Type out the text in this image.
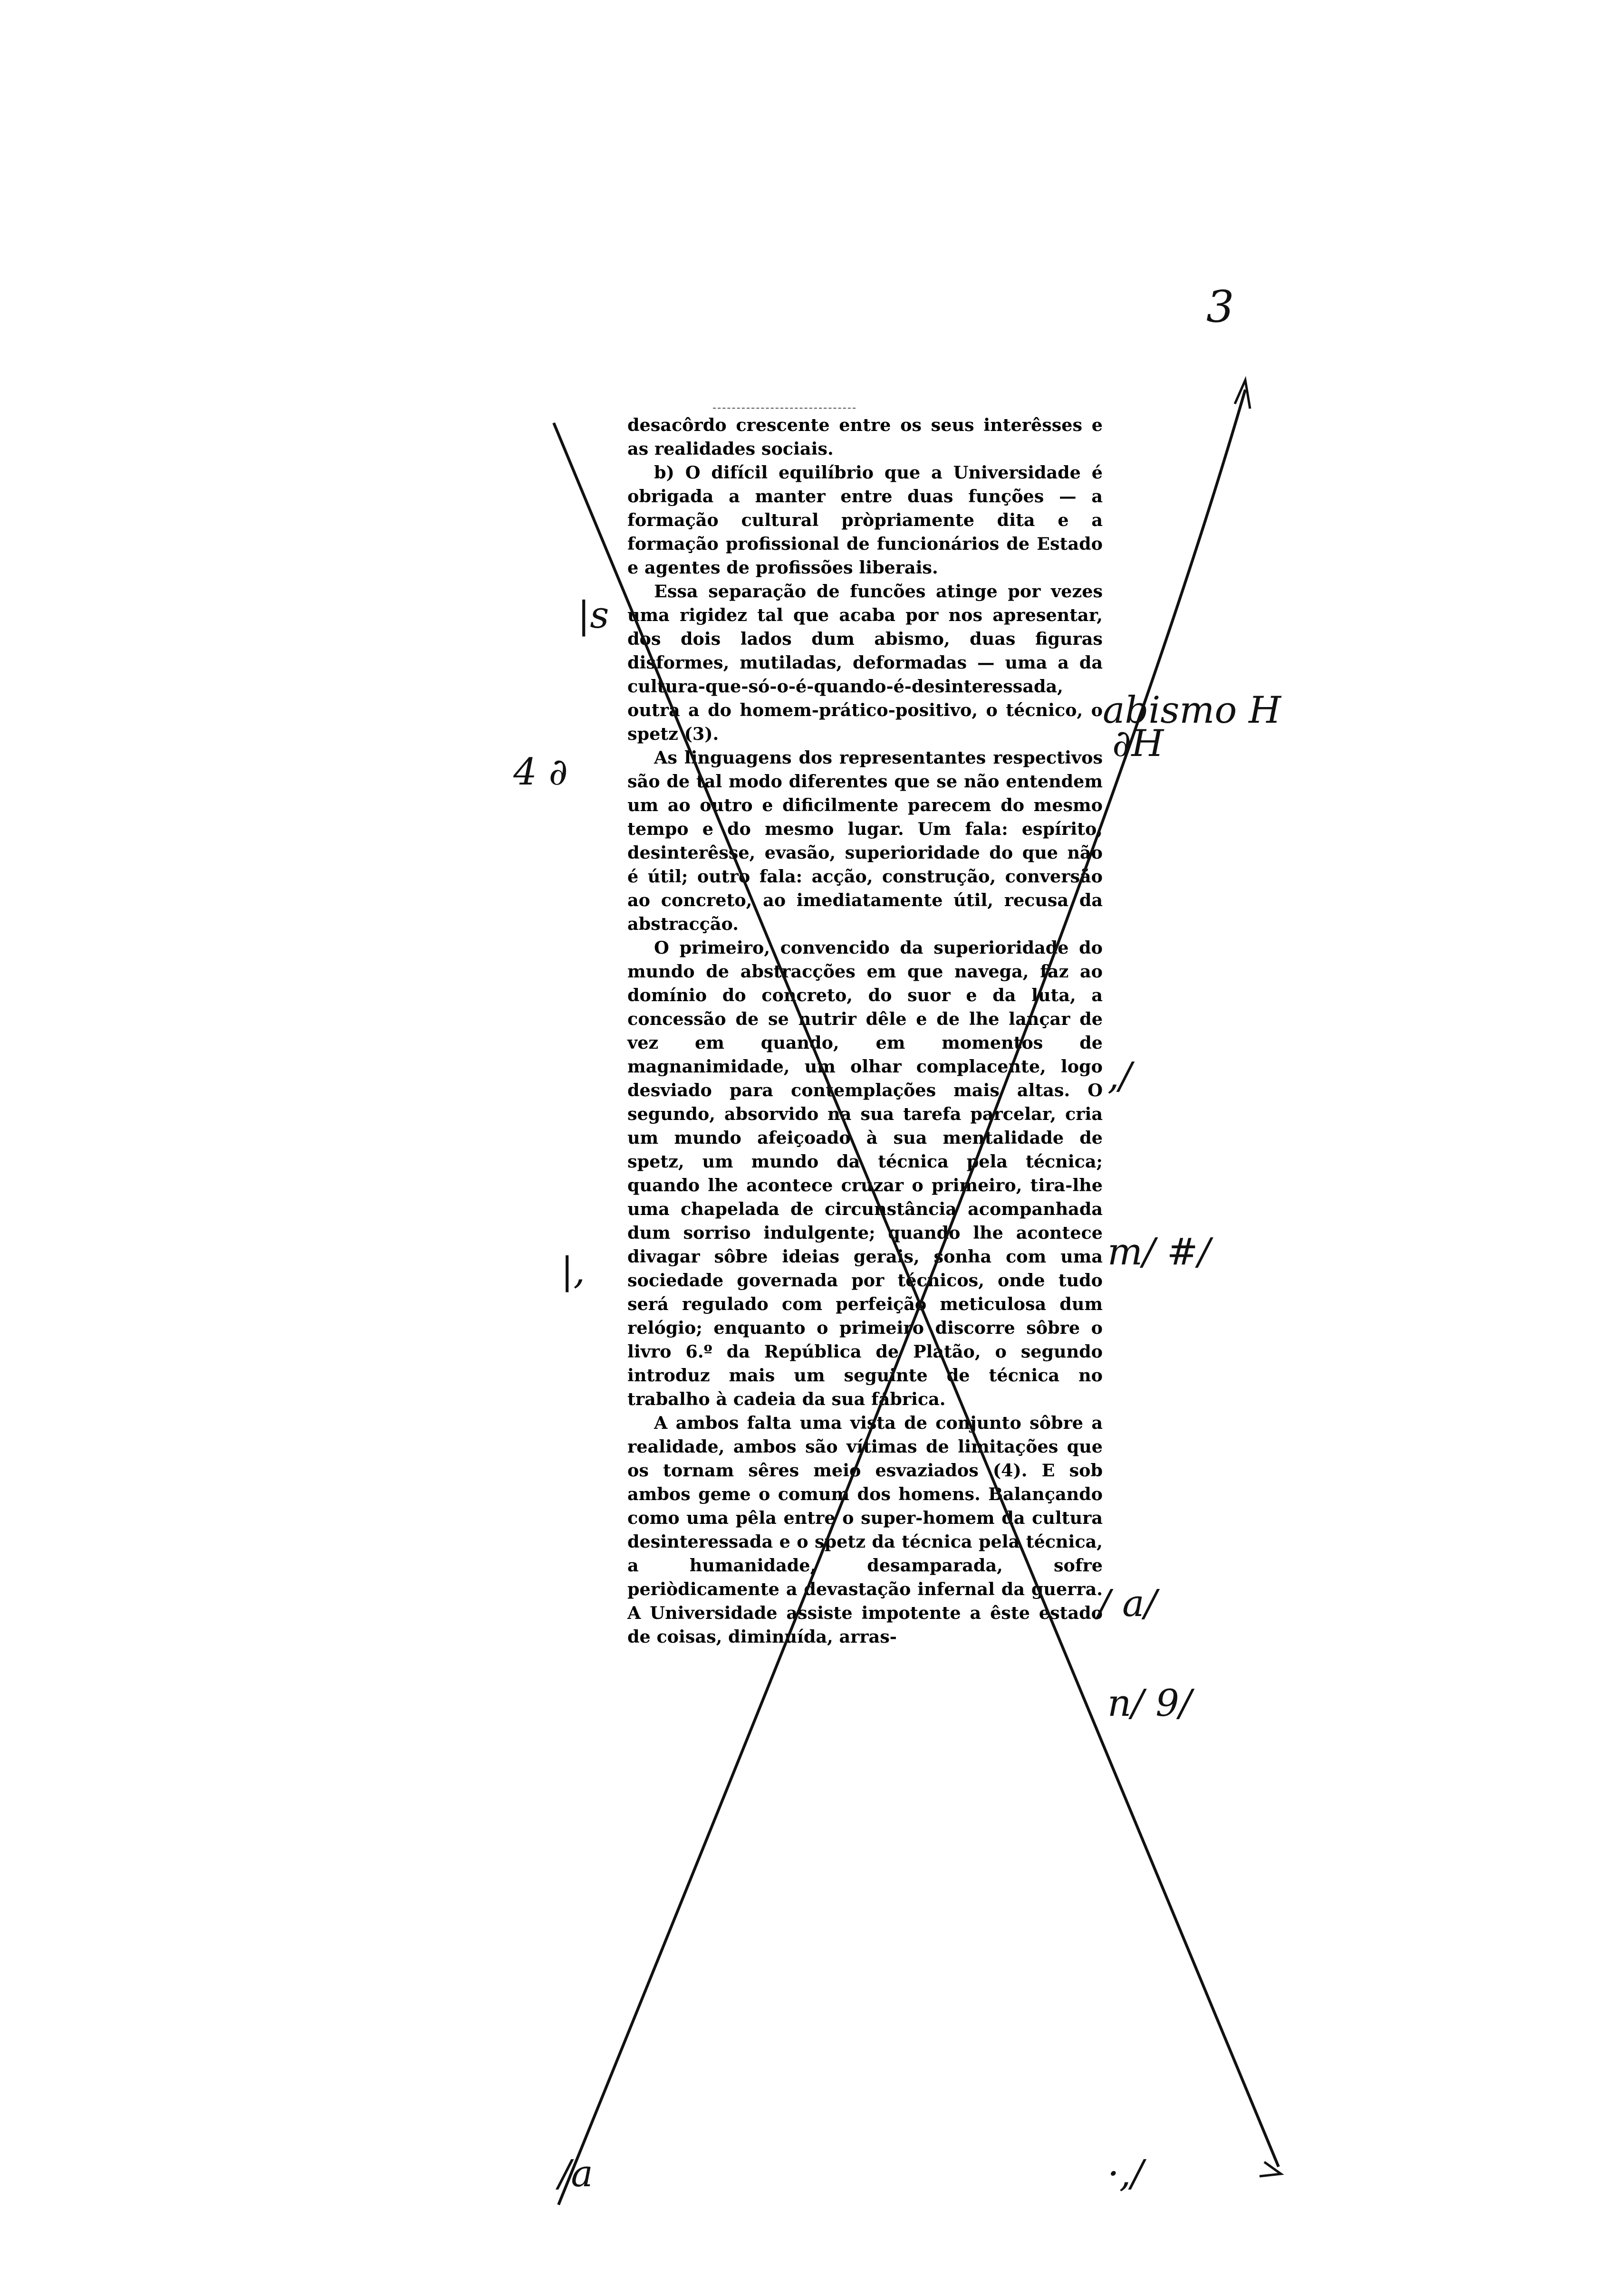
3

desacôrdo crescente entre os seus interêsses e as realidades sociais.

b) O difícil equilíbrio que a Universidade é obrigada a manter entre duas funções — a formação cultural pròpriamente dita e a formação profissional de funcionários de Estado e agentes de profissões liberais.

Essa separação de funcões atinge por vezes uma rigidez tal que acaba por nos apresentar, dos dois lados dum abismo, duas figuras disformes, mutiladas, deformadas — uma a da cultura-que-só-o-é-quando-é-desinteressada, outra a do homem-prático-positivo, o técnico, o spetz (3).

As linguagens dos representantes respectivos são de tal modo diferentes que se não entendem um ao outro e dificilmente parecem do mesmo tempo e do mesmo lugar. Um fala: espírito, desinterêsse, evasão, superioridade do que não é útil; outro fala: acção, construção, conversão ao concreto, ao imediatamente útil, recusa da abstracção.

O primeiro, convencido da superioridade do mundo de abstracções em que navega, faz ao domínio do concreto, do suor e da luta, a concessão de se nutrir dêle e de lhe lançar de vez em quando, em momentos de magnanimidade, um olhar complacente, logo desviado para contemplações mais altas. O segundo, absorvido na sua tarefa parcelar, cria um mundo afeiçoado à sua mentalidade de spetz, um mundo da técnica pela técnica; quando lhe acontece cruzar o primeiro, tira-lhe uma chapelada de circunstância acompanhada dum sorriso indulgente; quando lhe acontece divagar sôbre ideias gerais, sonha com uma sociedade governada por técnicos, onde tudo será regulado com perfeição meticulosa dum relógio; enquanto o primeiro discorre sôbre o livro 6.º da República de Platão, o segundo introduz mais um seguinte de técnica no trabalho à cadeia da sua fábrica.

A ambos falta uma vista de conjunto sôbre a realidade, ambos são vítimas de limitações que os tornam sêres meio esvaziados (4). E sob ambos geme o comum dos homens. Balançando como uma pêla entre o super-homem da cultura desinteressada e o spetz da técnica pela técnica, a humanidade, desamparada, sofre periòdicamente a devastação infernal da guerra. A Universidade assiste impotente a êste estado de coisas, diminuída, arras-

|s
4 ∂
|,
/a
abismo H
∂H
,/
m/ #/
/ a/
n/ 9/
·,/
